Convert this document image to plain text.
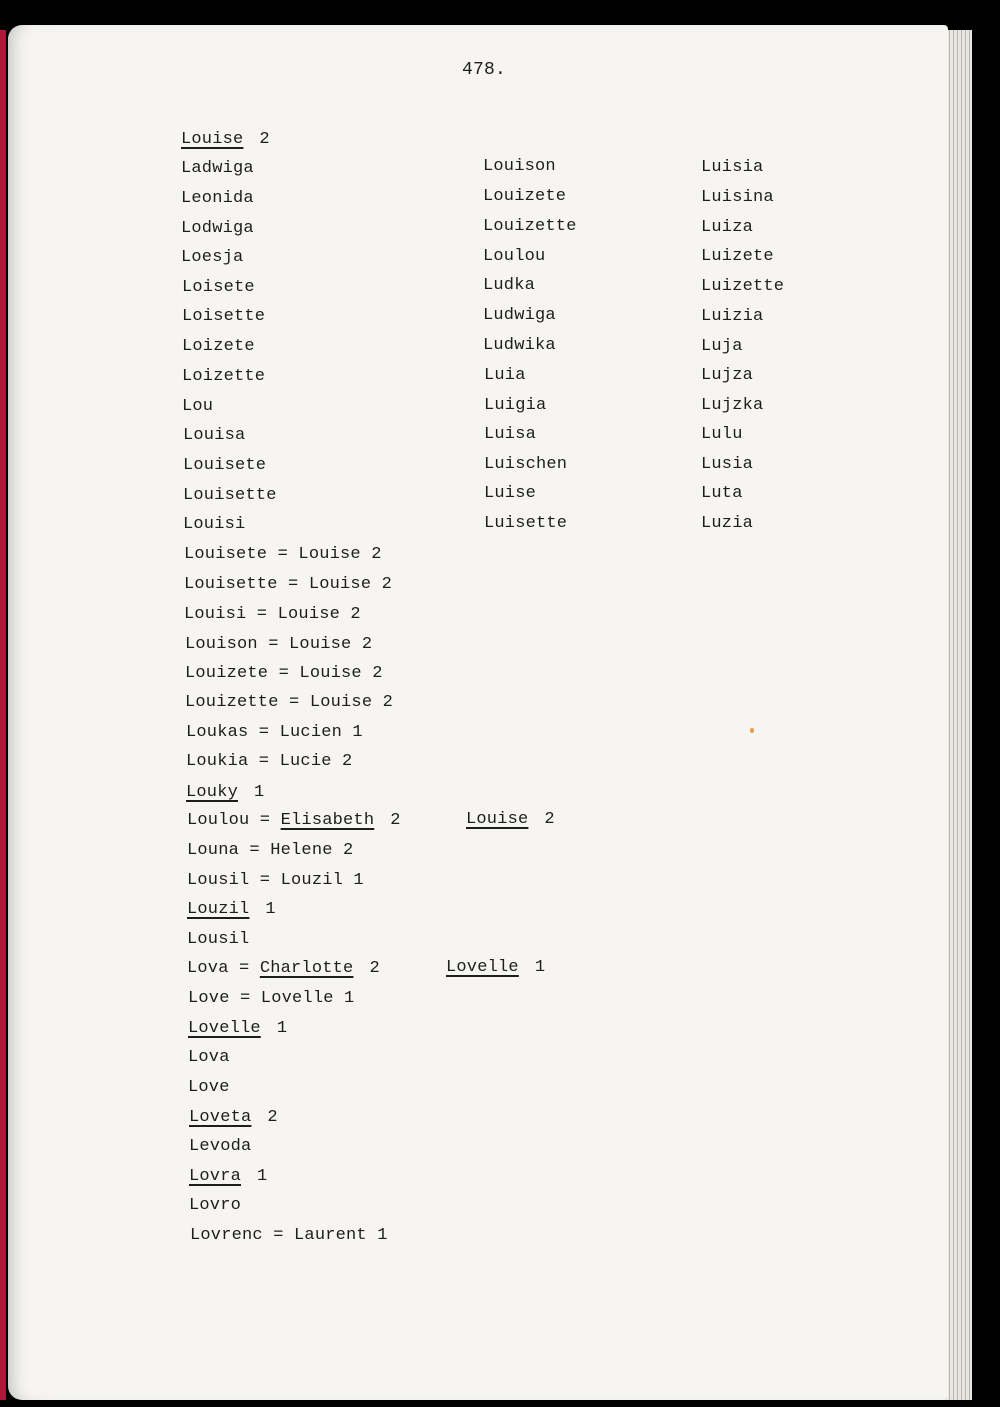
478.
Louise 2
Ladwiga
Leonida
Lodwiga
Loesja
Loisete
Loisette
Loizete
Loizette
Lou
Louisa
Louisete
Louisette
Louisi
Louison
Louizete
Louizette
Loulou
Ludka
Ludwiga
Ludwika
Luia
Luigia
Luisa
Luischen
Luise
Luisette
Luisia
Luisina
Luiza
Luizete
Luizette
Luizia
Luja
Lujza
Lujzka
Lulu
Lusia
Luta
Luzia
Louisete = Louise 2
Louisette = Louise 2
Louisi = Louise 2
Louison = Louise 2
Louizete = Louise 2
Louizette = Louise 2
Loukas = Lucien 1
Loukia = Lucie 2
Louky 1
Loulou = Elisabeth 2	Louise 2
Louna = Helene 2
Lousil = Louzil 1
Louzil 1
Lousil
Lova = Charlotte 2	Lovelle 1
Love = Lovelle 1
Lovelle 1
Lova
Love
Loveta 2
Levoda
Lovra 1
Lovro
Lovrenc = Laurent 1
